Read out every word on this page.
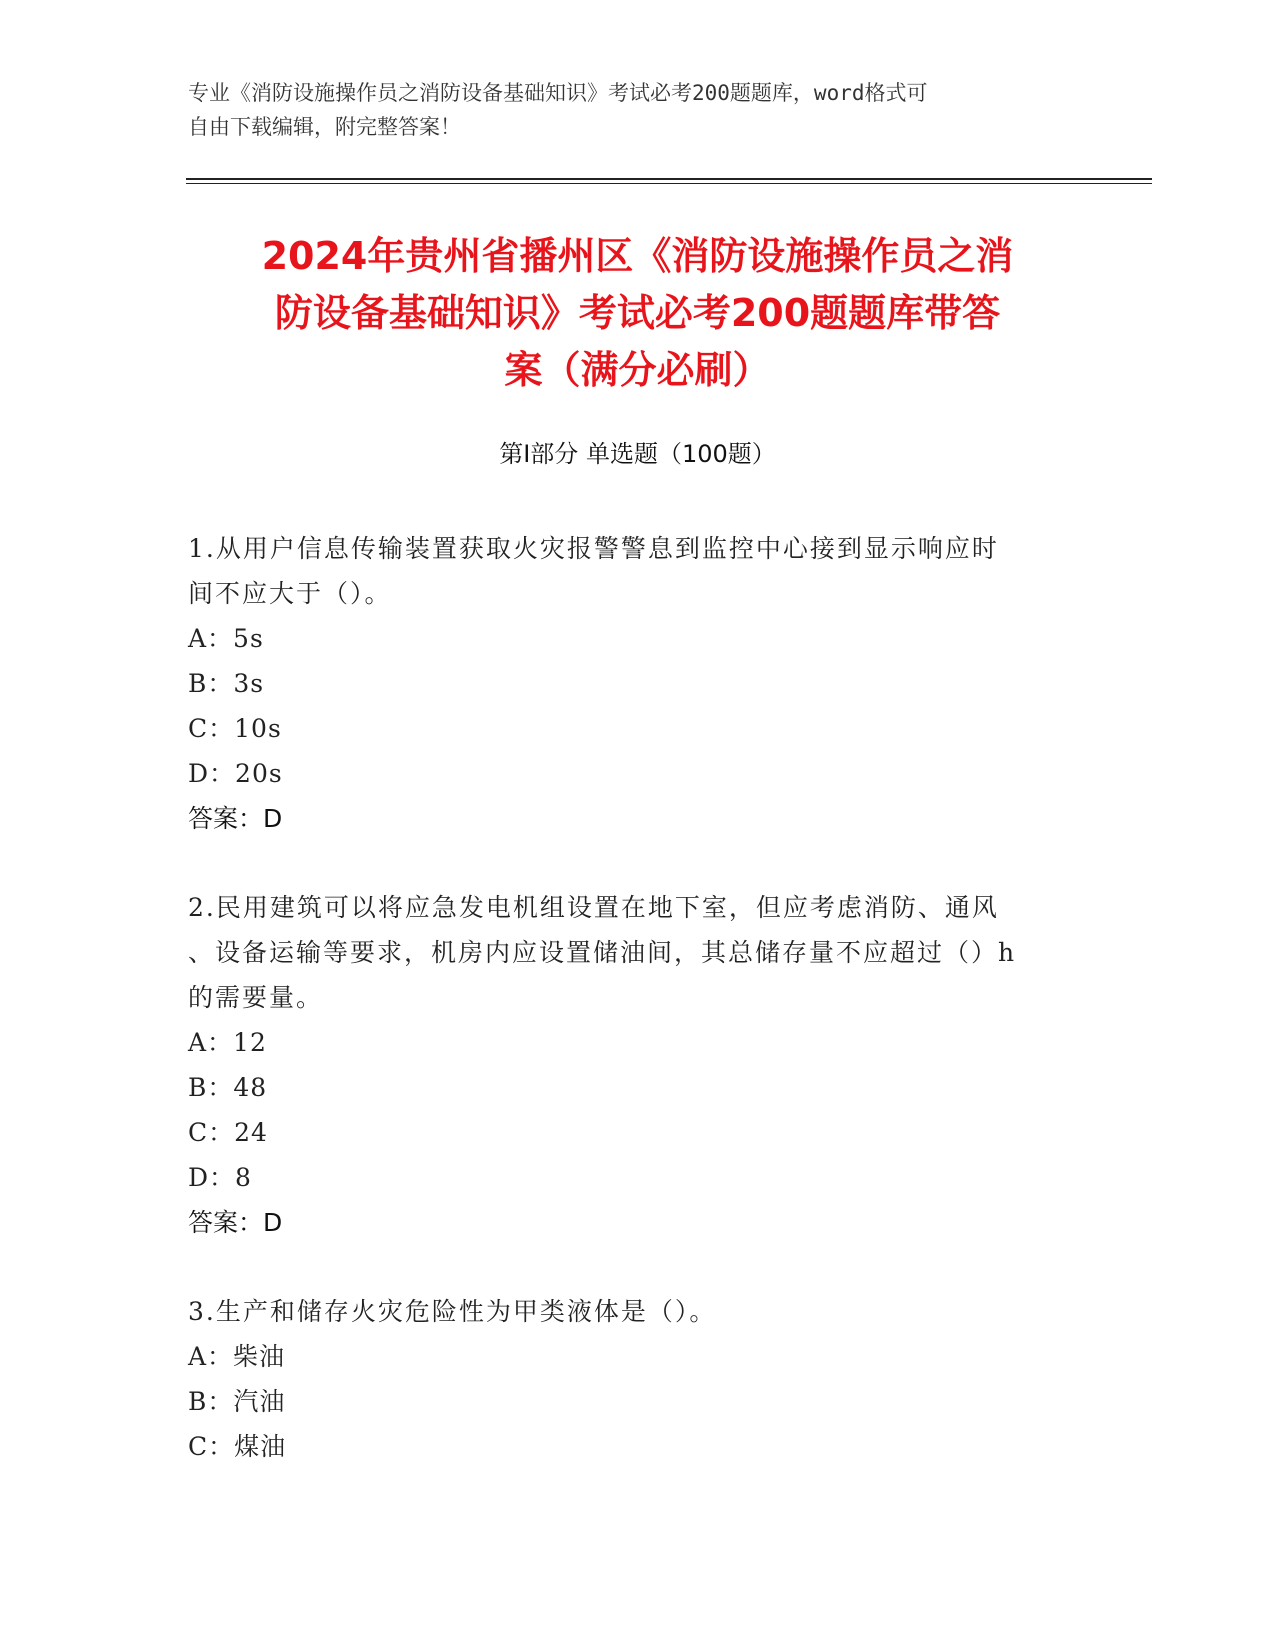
专业《消防设施操作员之消防设备基础知识》考试必考200题题库，word格式可
自由下载编辑，附完整答案！
2024年贵州省播州区《消防设施操作员之消
防设备基础知识》考试必考200题题库带答
案（满分必刷）
第Ⅰ部分 单选题（100题）
1.从用户信息传输装置获取火灾报警警息到监控中心接到显示响应时
间不应大于（）。
A：5s
B：3s
C：10s
D：20s
答案：D
2.民用建筑可以将应急发电机组设置在地下室，但应考虑消防、通风
、设备运输等要求，机房内应设置储油间，其总储存量不应超过（）h
的需要量。
A：12
B：48
C：24
D：8
答案：D
3.生产和储存火灾危险性为甲类液体是（）。
A：柴油
B：汽油
C：煤油
